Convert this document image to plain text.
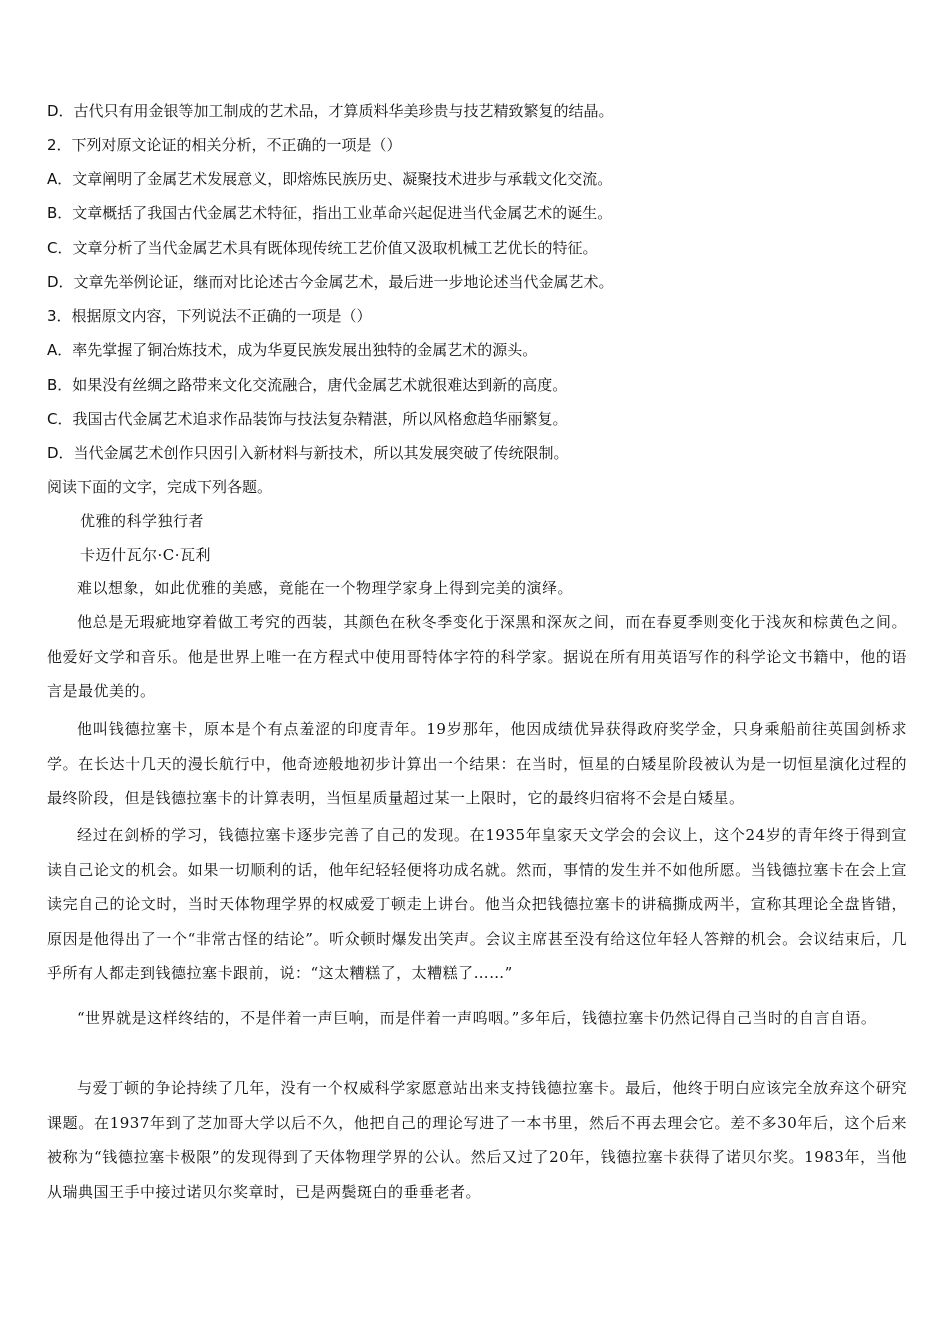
D．古代只有用金银等加工制成的艺术品，才算质料华美珍贵与技艺精致繁复的结晶。
2．下列对原文论证的相关分析，不正确的一项是（）
A．文章阐明了金属艺术发展意义，即熔炼民族历史、凝聚技术进步与承载文化交流。
B．文章概括了我国古代金属艺术特征，指出工业革命兴起促进当代金属艺术的诞生。
C．文章分析了当代金属艺术具有既体现传统工艺价值又汲取机械工艺优长的特征。
D．文章先举例论证，继而对比论述古今金属艺术，最后进一步地论述当代金属艺术。
3．根据原文内容，下列说法不正确的一项是（）
A．率先掌握了铜冶炼技术，成为华夏民族发展出独特的金属艺术的源头。
B．如果没有丝绸之路带来文化交流融合，唐代金属艺术就很难达到新的高度。
C．我国古代金属艺术追求作品装饰与技法复杂精湛，所以风格愈趋华丽繁复。
D．当代金属艺术创作只因引入新材料与新技术，所以其发展突破了传统限制。
阅读下面的文字，完成下列各题。
优雅的科学独行者
卡迈什瓦尔·C·瓦利
难以想象，如此优雅的美感，竟能在一个物理学家身上得到完美的演绎。
他总是无瑕疵地穿着做工考究的西装，其颜色在秋冬季变化于深黑和深灰之间，而在春夏季则变化于浅灰和棕黄色之间。他爱好文学和音乐。他是世界上唯一在方程式中使用哥特体字符的科学家。据说在所有用英语写作的科学论文书籍中，他的语言是最优美的。
他叫钱德拉塞卡，原本是个有点羞涩的印度青年。19岁那年，他因成绩优异获得政府奖学金，只身乘船前往英国剑桥求学。在长达十几天的漫长航行中，他奇迹般地初步计算出一个结果：在当时，恒星的白矮星阶段被认为是一切恒星演化过程的最终阶段，但是钱德拉塞卡的计算表明，当恒星质量超过某一上限时，它的最终归宿将不会是白矮星。
经过在剑桥的学习，钱德拉塞卡逐步完善了自己的发现。在1935年皇家天文学会的会议上，这个24岁的青年终于得到宣读自己论文的机会。如果一切顺利的话，他年纪轻轻便将功成名就。然而，事情的发生并不如他所愿。当钱德拉塞卡在会上宣读完自己的论文时，当时天体物理学界的权威爱丁顿走上讲台。他当众把钱德拉塞卡的讲稿撕成两半，宣称其理论全盘皆错，原因是他得出了一个“非常古怪的结论”。听众顿时爆发出笑声。会议主席甚至没有给这位年轻人答辩的机会。会议结束后，几乎所有人都走到钱德拉塞卡跟前，说：“这太糟糕了，太糟糕了……”
“世界就是这样终结的，不是伴着一声巨响，而是伴着一声呜咽。”多年后，钱德拉塞卡仍然记得自己当时的自言自语。
与爱丁顿的争论持续了几年，没有一个权威科学家愿意站出来支持钱德拉塞卡。最后，他终于明白应该完全放弃这个研究课题。在1937年到了芝加哥大学以后不久，他把自己的理论写进了一本书里，然后不再去理会它。差不多30年后，这个后来被称为“钱德拉塞卡极限”的发现得到了天体物理学界的公认。然后又过了20年，钱德拉塞卡获得了诺贝尔奖。1983年，当他从瑞典国王手中接过诺贝尔奖章时，已是两鬓斑白的垂垂老者。
